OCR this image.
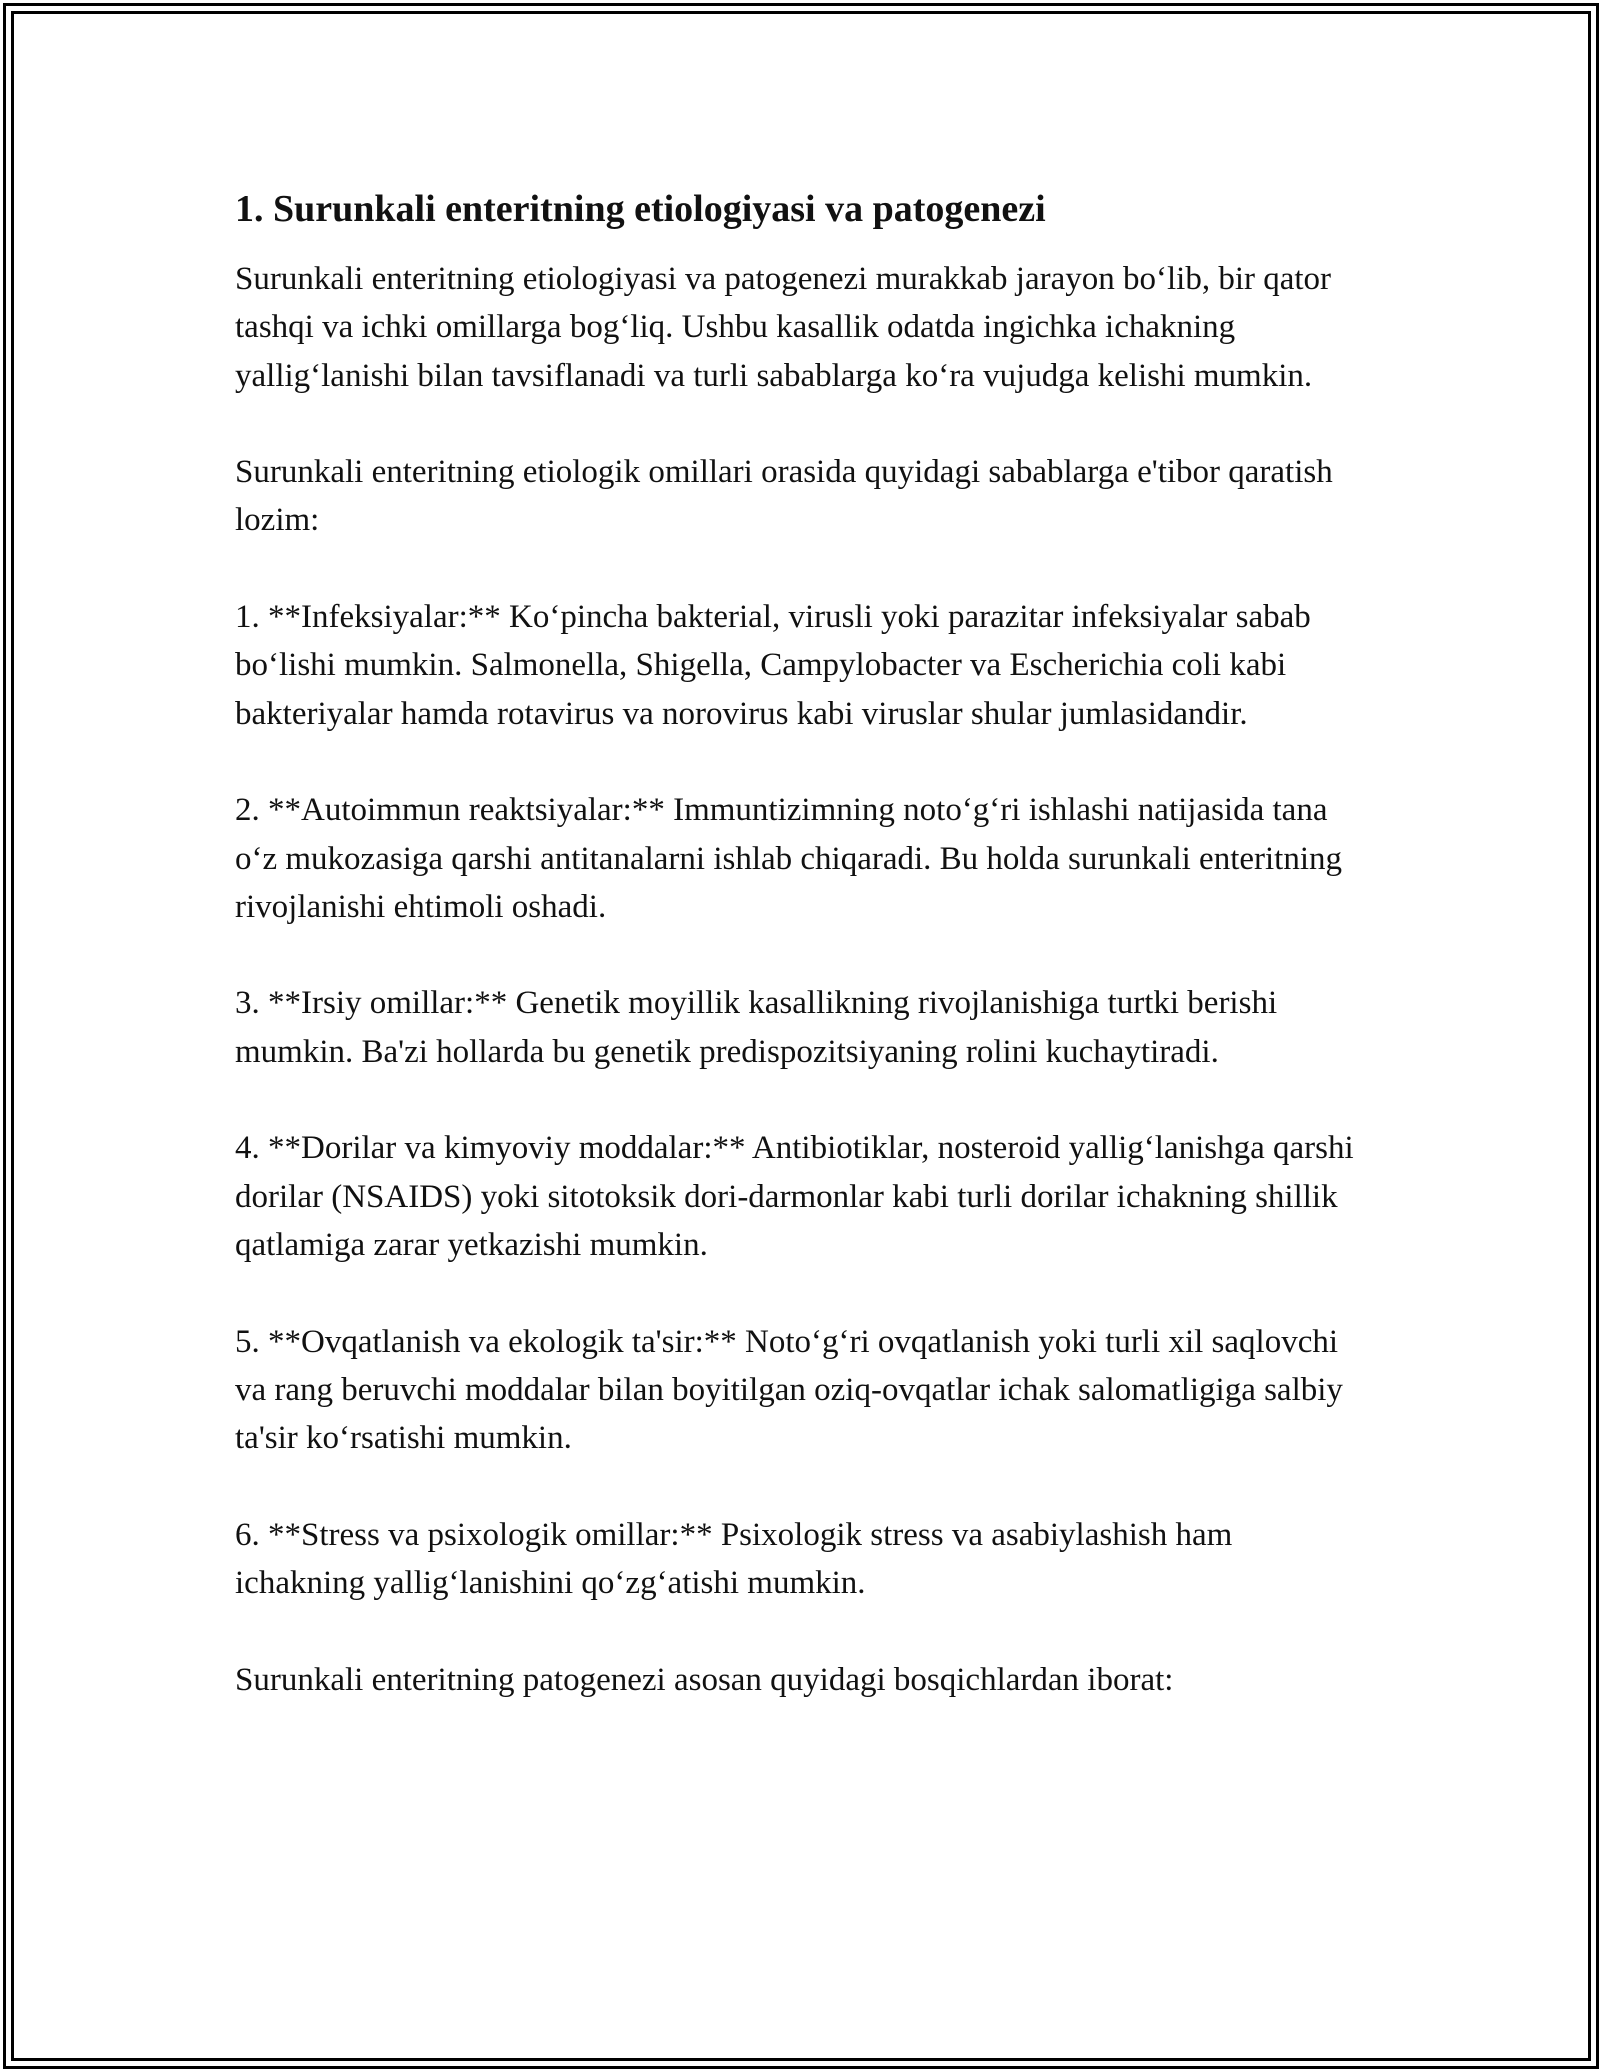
1. Surunkali enteritning etiologiyasi va patogenezi

Surunkali enteritning etiologiyasi va patogenezi murakkab jarayon bo‘lib, bir qator tashqi va ichki omillarga bog‘liq. Ushbu kasallik odatda ingichka ichakning yallig‘lanishi bilan tavsiflanadi va turli sabablarga ko‘ra vujudga kelishi mumkin.

Surunkali enteritning etiologik omillari orasida quyidagi sabablarga e'tibor qaratish lozim:

1. **Infeksiyalar:** Ko‘pincha bakterial, virusli yoki parazitar infeksiyalar sabab bo‘lishi mumkin. Salmonella, Shigella, Campylobacter va Escherichia coli kabi bakteriyalar hamda rotavirus va norovirus kabi viruslar shular jumlasidandir.

2. **Autoimmun reaktsiyalar:** Immuntizimning noto‘g‘ri ishlashi natijasida tana o‘z mukozasiga qarshi antitanalarni ishlab chiqaradi. Bu holda surunkali enteritning rivojlanishi ehtimoli oshadi.

3. **Irsiy omillar:** Genetik moyillik kasallikning rivojlanishiga turtki berishi mumkin. Ba'zi hollarda bu genetik predispozitsiyaning rolini kuchaytiradi.

4. **Dorilar va kimyoviy moddalar:** Antibiotiklar, nosteroid yallig‘lanishga qarshi dorilar (NSAIDS) yoki sitotoksik dori-darmonlar kabi turli dorilar ichakning shillik qatlamiga zarar yetkazishi mumkin.

5. **Ovqatlanish va ekologik ta'sir:** Noto‘g‘ri ovqatlanish yoki turli xil saqlovchi va rang beruvchi moddalar bilan boyitilgan oziq-ovqatlar ichak salomatligiga salbiy ta'sir ko‘rsatishi mumkin.

6. **Stress va psixologik omillar:** Psixologik stress va asabiylashish ham ichakning yallig‘lanishini qo‘zg‘atishi mumkin.

Surunkali enteritning patogenezi asosan quyidagi bosqichlardan iborat:
